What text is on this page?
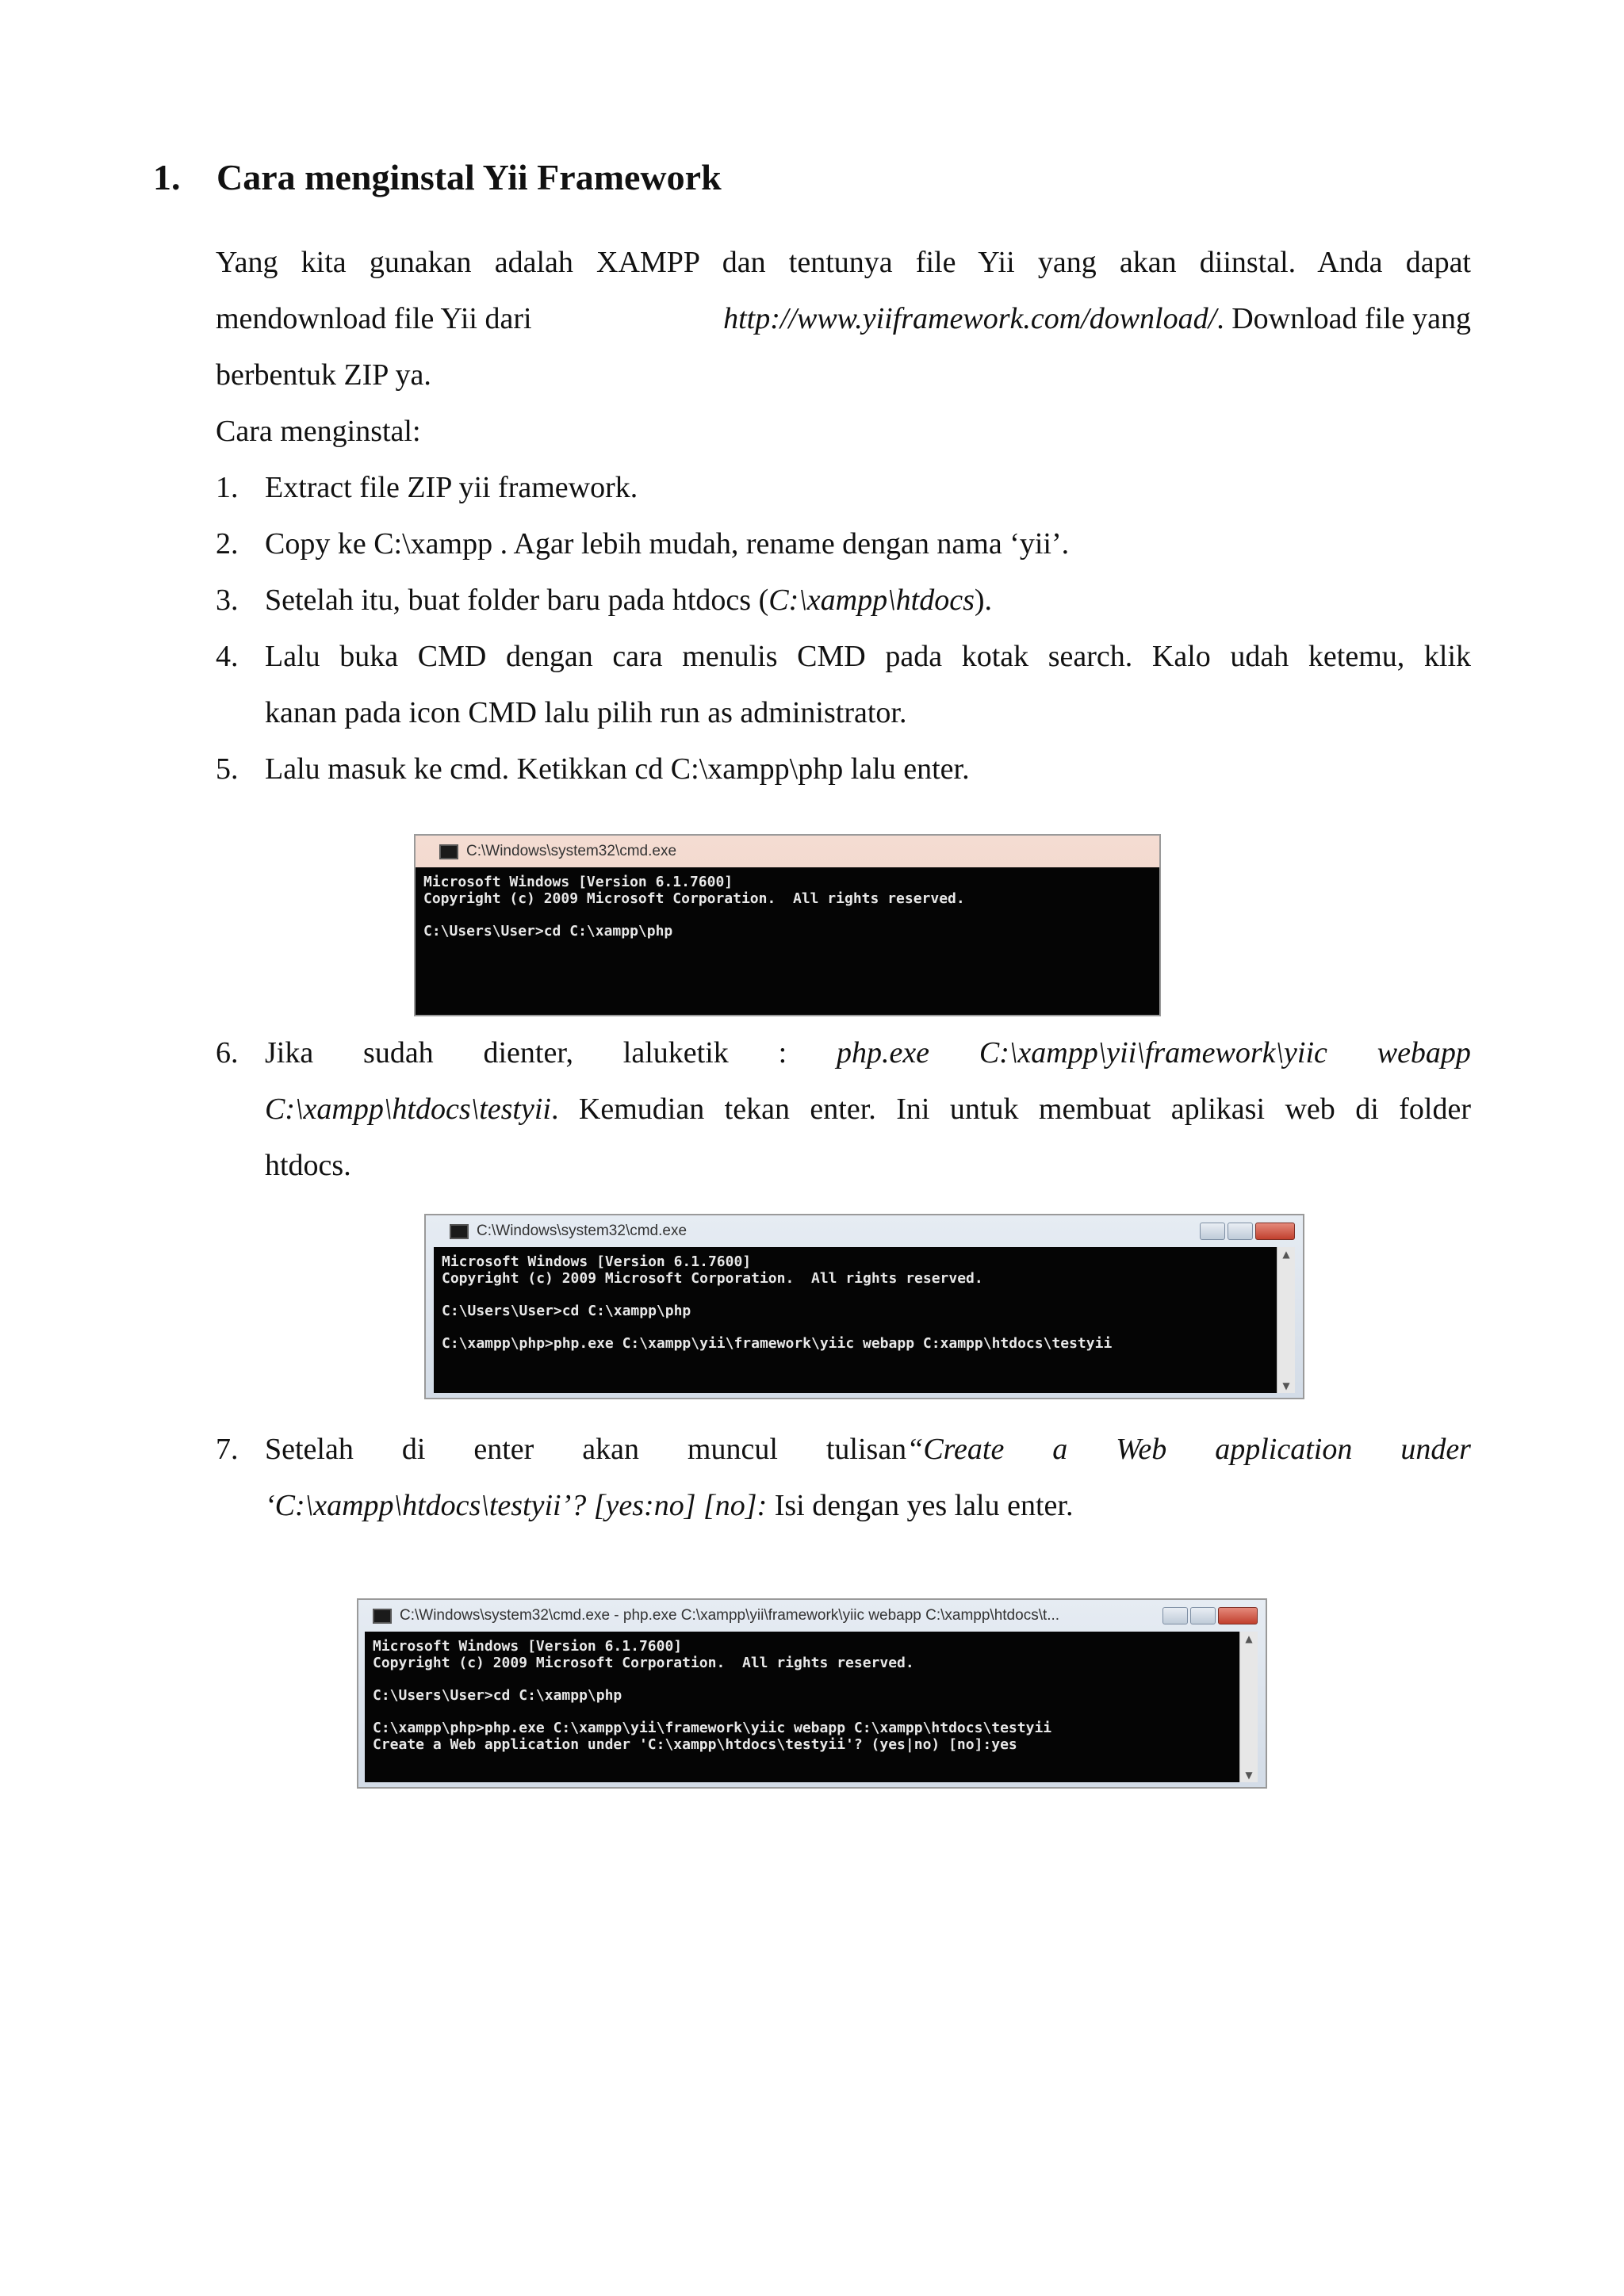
1. Cara menginstal Yii Framework
Yang kita gunakan adalah XAMPP dan tentunya file Yii yang akan diinstal. Anda dapat
mendownload file Yii dari	http://www.yiiframework.com/download/. Download file yang
berbentuk ZIP ya.
Cara menginstal:
1. Extract file ZIP yii framework.
2. Copy ke C:\xampp . Agar lebih mudah, rename dengan nama ‘yii’.
3. Setelah itu, buat folder baru pada htdocs (C:\xampp\htdocs).
4. Lalu buka CMD dengan cara menulis CMD pada kotak search. Kalo udah ketemu, klik
kanan pada icon CMD lalu pilih run as administrator.
5. Lalu masuk ke cmd. Ketikkan cd C:\xampp\php lalu enter.
C:\Windows\system32\cmd.exe
Microsoft Windows [Version 6.1.7600]
Copyright (c) 2009 Microsoft Corporation.  All rights reserved.
C:\Users\User>cd C:\xampp\php
6. Jika sudah dienter, laluketik : php.exe C:\xampp\yii\framework\yiic webapp
C:\xampp\htdocs\testyii. Kemudian tekan enter. Ini untuk membuat aplikasi web di folder
htdocs.
C:\Windows\system32\cmd.exe
Microsoft Windows [Version 6.1.7600]
Copyright (c) 2009 Microsoft Corporation.  All rights reserved.
C:\Users\User>cd C:\xampp\php
C:\xampp\php>php.exe C:\xampp\yii\framework\yiic webapp C:xampp\htdocs\testyii
▲
▼
7. Setelah di enter akan muncul tulisan“Create a Web application under
‘C:\xampp\htdocs\testyii’? [yes:no] [no]: Isi dengan yes lalu enter.
C:\Windows\system32\cmd.exe - php.exe C:\xampp\yii\framework\yiic webapp C:\xampp\htdocs\t...
Microsoft Windows [Version 6.1.7600]
Copyright (c) 2009 Microsoft Corporation.  All rights reserved.
C:\Users\User>cd C:\xampp\php
C:\xampp\php>php.exe C:\xampp\yii\framework\yiic webapp C:\xampp\htdocs\testyii
Create a Web application under 'C:\xampp\htdocs\testyii'? (yes|no) [no]:yes
▲
▼
